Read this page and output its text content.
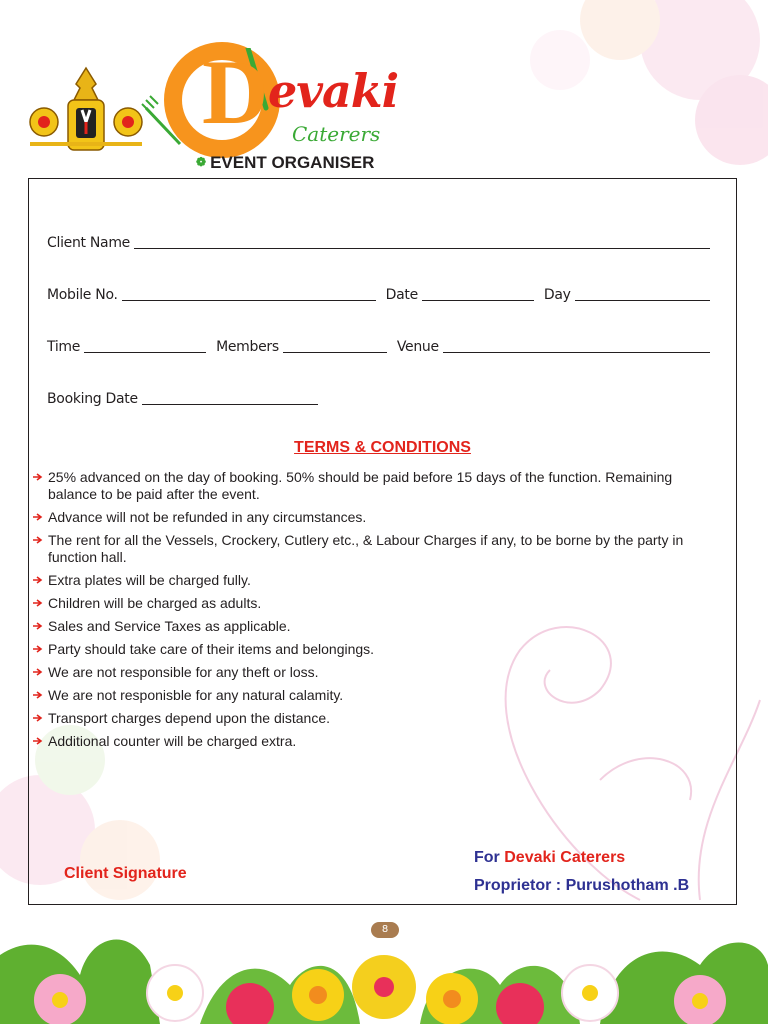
D evaki
Caterers
❁ EVENT ORGANISER
Client Name
Mobile No.	Date	Day
Time	Members	Venue
Booking Date
TERMS & CONDITIONS
25% advanced on the day of booking. 50% should be paid before 15 days of the function. Remaining balance to be paid after the event.
Advance will not be refunded in any circumstances.
The rent for all the Vessels, Crockery, Cutlery etc., & Labour Charges if any, to be borne by the party in function hall.
Extra plates will be charged fully.
Children will be charged as adults.
Sales and Service Taxes as applicable.
Party should take care of their items and belongings.
We are not responsible for any theft or loss.
We are not responisble for any natural calamity.
Transport charges depend upon the distance.
Additional counter will be charged extra.
Client Signature
For Devaki Caterers
Proprietor : Purushotham .B
8
